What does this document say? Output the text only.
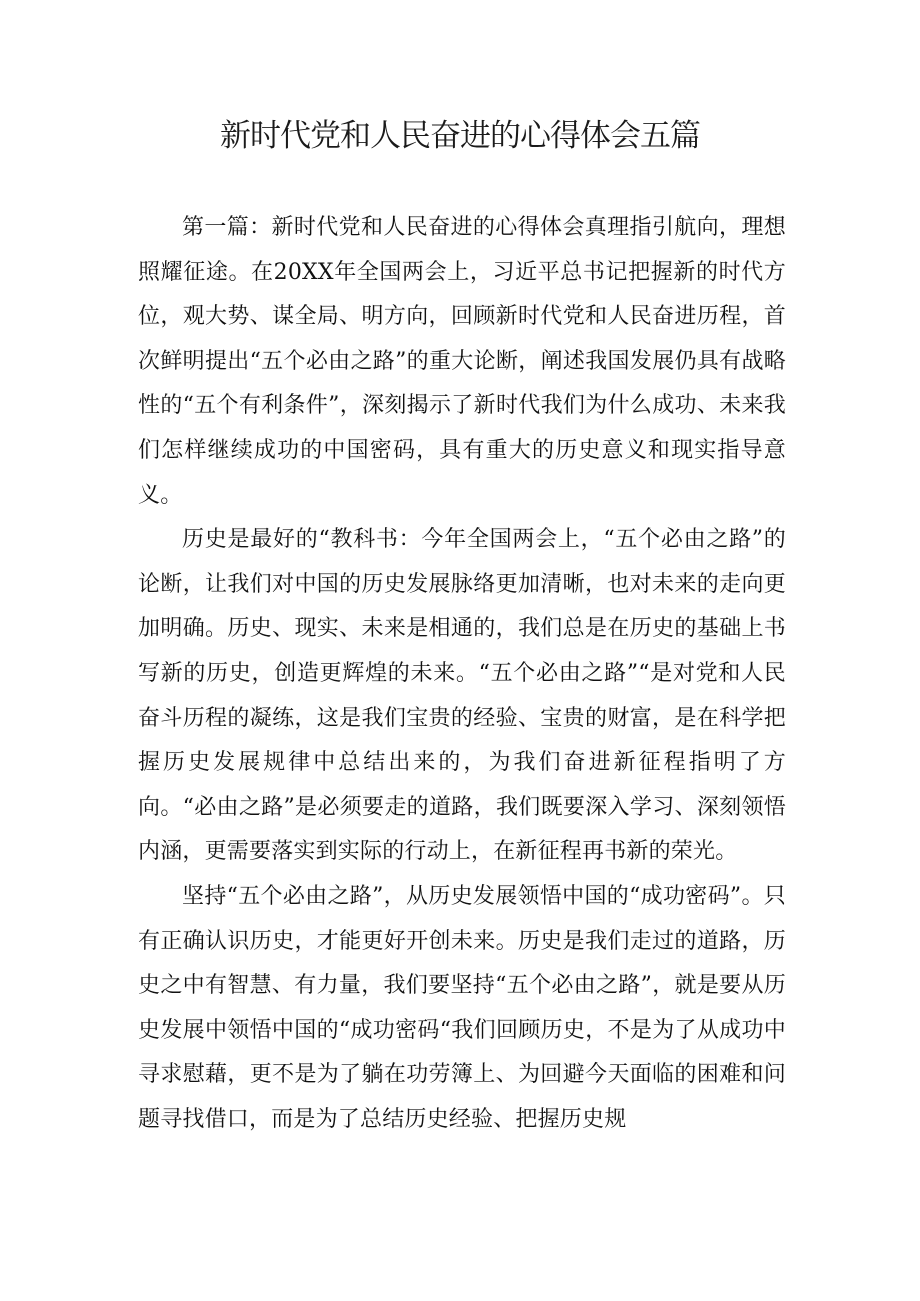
新时代党和人民奋进的心得体会五篇

第一篇：新时代党和人民奋进的心得体会真理指引航向，理想照耀征途。在20XX年全国两会上，习近平总书记把握新的时代方位，观大势、谋全局、明方向，回顾新时代党和人民奋进历程，首次鲜明提出“五个必由之路”的重大论断，阐述我国发展仍具有战略性的“五个有利条件”，深刻揭示了新时代我们为什么成功、未来我们怎样继续成功的中国密码，具有重大的历史意义和现实指导意义。

历史是最好的“教科书：今年全国两会上，“五个必由之路”的论断，让我们对中国的历史发展脉络更加清晰，也对未来的走向更加明确。历史、现实、未来是相通的，我们总是在历史的基础上书写新的历史，创造更辉煌的未来。“五个必由之路”“是对党和人民奋斗历程的凝练，这是我们宝贵的经验、宝贵的财富，是在科学把握历史发展规律中总结出来的，为我们奋进新征程指明了方向。“必由之路”是必须要走的道路，我们既要深入学习、深刻领悟内涵，更需要落实到实际的行动上，在新征程再书新的荣光。

坚持“五个必由之路”，从历史发展领悟中国的“成功密码”。只有正确认识历史，才能更好开创未来。历史是我们走过的道路，历史之中有智慧、有力量，我们要坚持“五个必由之路”，就是要从历史发展中领悟中国的“成功密码“我们回顾历史，不是为了从成功中寻求慰藉，更不是为了躺在功劳簿上、为回避今天面临的困难和问题寻找借口，而是为了总结历史经验、把握历史规
